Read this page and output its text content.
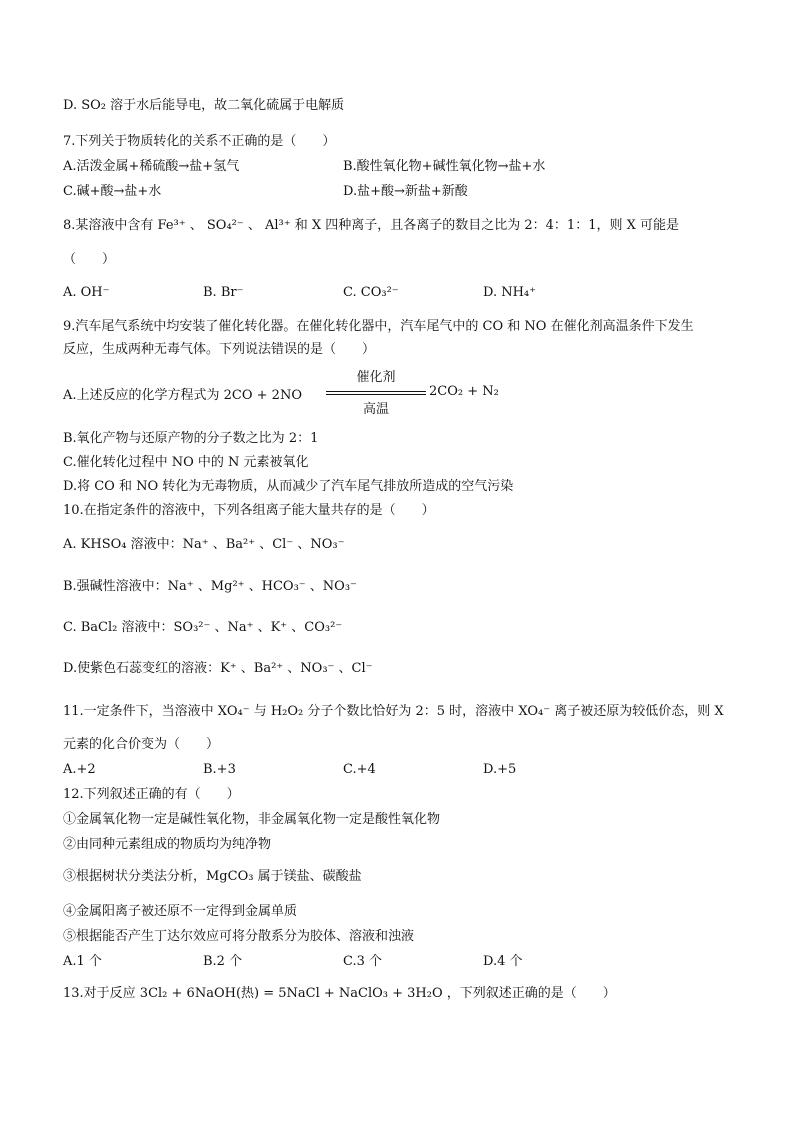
D. SO₂ 溶于水后能导电，故二氧化硫属于电解质
7.下列关于物质转化的关系不正确的是（　　）
A.活泼金属+稀硫酸→盐+氢气	B.酸性氧化物+碱性氧化物→盐+水
C.碱+酸→盐+水	D.盐+酸→新盐+新酸
8.某溶液中含有 Fe³⁺ 、 SO₄²⁻ 、 Al³⁺ 和 X 四种离子，且各离子的数目之比为 2：4：1：1，则 X 可能是
（　　）
A. OH⁻	B. Br⁻	C. CO₃²⁻	D. NH₄⁺
9.汽车尾气系统中均安装了催化转化器。在催化转化器中，汽车尾气中的 CO 和 NO 在催化剂高温条件下发生
反应，生成两种无毒气体。下列说法错误的是（　　）
A.上述反应的化学方程式为 2CO + 2NO
催化剂
高温
2CO₂ + N₂
B.氧化产物与还原产物的分子数之比为 2：1
C.催化转化过程中 NO 中的 N 元素被氧化
D.将 CO 和 NO 转化为无毒物质，从而减少了汽车尾气排放所造成的空气污染
10.在指定条件的溶液中，下列各组离子能大量共存的是（　　）
A. KHSO₄ 溶液中：Na⁺ 、Ba²⁺ 、Cl⁻ 、NO₃⁻
B.强碱性溶液中：Na⁺ 、Mg²⁺ 、HCO₃⁻ 、NO₃⁻
C. BaCl₂ 溶液中：SO₃²⁻ 、Na⁺ 、K⁺ 、CO₃²⁻
D.使紫色石蕊变红的溶液：K⁺ 、Ba²⁺ 、NO₃⁻ 、Cl⁻
11.一定条件下，当溶液中 XO₄⁻ 与 H₂O₂ 分子个数比恰好为 2：5 时，溶液中 XO₄⁻ 离子被还原为较低价态，则 X
元素的化合价变为（　　）
A.+2	B.+3	C.+4	D.+5
12.下列叙述正确的有（　　）
①金属氧化物一定是碱性氧化物，非金属氧化物一定是酸性氧化物
②由同种元素组成的物质均为纯净物
③根据树状分类法分析，MgCO₃ 属于镁盐、碳酸盐
④金属阳离子被还原不一定得到金属单质
⑤根据能否产生丁达尔效应可将分散系分为胶体、溶液和浊液
A.1 个	B.2 个	C.3 个	D.4 个
13.对于反应 3Cl₂ + 6NaOH(热) = 5NaCl + NaClO₃ + 3H₂O ，下列叙述正确的是（　　）
